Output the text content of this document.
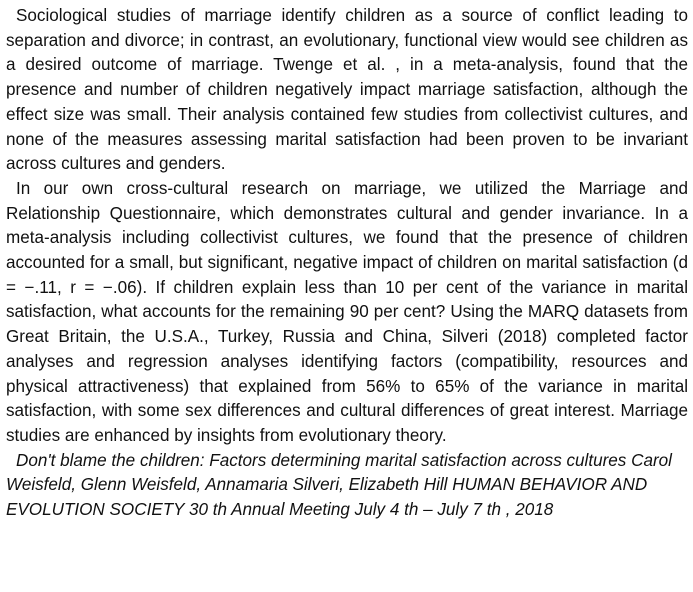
Sociological studies of marriage identify children as a source of conflict leading to separation and divorce; in contrast, an evolutionary, functional view would see children as a desired outcome of marriage. Twenge et al. , in a meta-analysis, found that the presence and number of children negatively impact marriage satisfaction, although the effect size was small. Their analysis contained few studies from collectivist cultures, and none of the measures assessing marital satisfaction had been proven to be invariant across cultures and genders.

In our own cross-cultural research on marriage, we utilized the Marriage and Relationship Questionnaire, which demonstrates cultural and gender invariance. In a meta-analysis including collectivist cultures, we found that the presence of children accounted for a small, but significant, negative impact of children on marital satisfaction (d = −.11, r = −.06). If children explain less than 10 per cent of the variance in marital satisfaction, what accounts for the remaining 90 per cent? Using the MARQ datasets from Great Britain, the U.S.A., Turkey, Russia and China, Silveri (2018) completed factor analyses and regression analyses identifying factors (compatibility, resources and physical attractiveness) that explained from 56% to 65% of the variance in marital satisfaction, with some sex differences and cultural differences of great interest. Marriage studies are enhanced by insights from evolutionary theory.

Don't blame the children: Factors determining marital satisfaction across cultures Carol Weisfeld, Glenn Weisfeld, Annamaria Silveri, Elizabeth Hill HUMAN BEHAVIOR AND EVOLUTION SOCIETY 30 th Annual Meeting July 4 th – July 7 th , 2018
